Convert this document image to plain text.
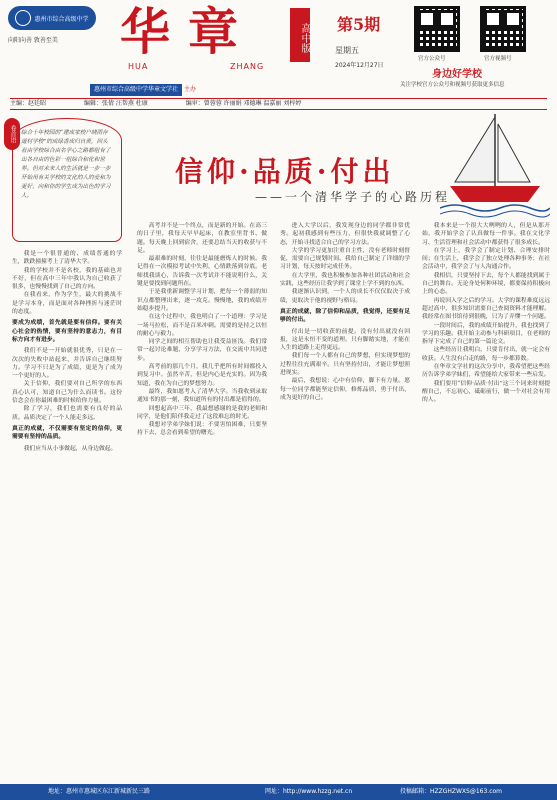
惠州市综合高级中学
向阳向善 敦善至美 华章
HUA	ZHANG
高中版 第5期
星期五
2024年12月27日
官方公众号	官方视频号
身边好学校
关注学校官方公众号和视频号获取更多信息
惠州市综合高级中学华章文学社 主办
主编：赵廷昭	编辑：张倩 汪帮燕 杜康	编审：曾蓉蓉 许丽娟 邓德琳 温嘉丽 刘梓婷
综合十年校园的“建成家校户晓雨存道村学校”的成绿香成归自责，回头看由学校综合由名学心之路都组有了出各自由的色彩一组综合和化和世界。但对未来人的生活就是一步一步开始用有关学校的文化的人的爱和为更好，向和你的学生成为出色的学习人。
卷首语
信仰·品质·付出
——一个清华学子的心路历程

我是一个很普通的、成绩普通的学生，跌跌撞撞考上了清华大学。

我的学校并不是名校，我的基础也并不好，但在高中三年中我认为自己收获了很多，也慢慢找到了自己的方向。

在我看来，作为学生，最大的挑战不是学习本身，而是面对各种挫折与迷茫时的态度。

要成为成绩，首先就是要有信仰。要有关心社会的热情，要有坚持的意志力，有目标方向才有进步。

我们不是一开始就很优秀，只是在一次次的失败中站起来，并告诉自己继续努力。学习不只是为了成绩，更是为了成为一个更好的人。

关于信仰，我们要对自己所学的东西真心认可，知道自己为什么而读书。这份信念会在你最困难的时候给你力量。

除了学习，我们也需要有良好的品质。品质决定了一个人能走多远。

真正的成就，不仅需要有坚定的信仰，更需要有坚持的品质。

我们应当从小事做起，从身边做起。

高考并不是一个终点，而是新的开始。在高三的日子里，我每天早早起床，在教室里背书、做题。每天晚上回到宿舍，还要总结当天的收获与不足。

最艰难的时刻，往往是最能磨炼人的时候。我记得在一次模拟考试中失利，心情跌落到谷底。老师找我谈心，告诉我一次考试并不能说明什么，关键是要找到问题所在。

于是我重新调整学习计划，把每一个薄弱的知识点都整理出来，逐一攻克。慢慢地，我的成绩开始稳步提升。

在这个过程中，我也明白了一个道理：学习是一场马拉松，而不是百米冲刺。需要的是持之以恒的耐心与毅力。

同学之间的相互帮助也让我受益匪浅。我们常常一起讨论难题，分享学习方法，在交流中共同进步。

高考前的那几个月，我几乎把所有时间都投入到复习中。虽然辛苦，但是内心是充实的。因为我知道，我在为自己的梦想努力。

最终，我如愿考入了清华大学。当我收到录取通知书的那一刻，我知道所有的付出都是值得的。

回想起高中三年，我最想感谢的是我的老师和同学，是他们陪伴我走过了这段难忘的时光。

我想对学弟学妹们说：不要害怕困难，只要坚持下去，总会看到希望的曙光。

进入大学以后，我发现身边的同学都非常优秀。起初我感到有些压力，但很快我就调整了心态，开始寻找适合自己的学习方法。

大学的学习更加注重自主性，没有老师时刻督促，需要自己规划时间。我给自己制定了详细的学习计划，每天按时完成任务。

在大学里，我也积极参加各种社团活动和社会实践，这些经历让我学到了课堂上学不到的东西。

我逐渐认识到，一个人的成长不仅仅取决于成绩，更取决于他的视野与格局。

真正的成就，除了信仰和品质，我觉得，还要有足够的付出。

付出是一切收获的前提。没有付出就没有回报，这是永恒不变的道理。只有脚踏实地，才能在人生的道路上走得更远。

我们每一个人都有自己的梦想，但实现梦想的过程往往充满艰辛。只有坚持付出，才能让梦想照进现实。

最后，我想说：心中有信仰，脚下有力量。愿每一位同学都能坚定信仰，修炼品质，勇于付出，成为更好的自己。

我本来是一个很大大咧咧的人，但是从那开始，我开始学会了认真做每一件事。我在文化学习、生活管理和社会活动中都获得了很多成长。

在学习上，我学会了制定计划、合理安排时间；在生活上，我学会了独立处理各种事务；在社会活动中，我学会了与人沟通合作。

我相信，只要坚持下去，每个人都能找到属于自己的舞台。无论身处何种环境，都要保持积极向上的心态。

再说回入学之后的学习。大学的课程难度远远超过高中，很多知识需要自己查阅资料才能理解。我经常在图书馆待到很晚，只为了弄懂一个问题。

一段时间后，我的成绩开始提升，我也找到了学习的乐趣。我开始主动参与科研项目，在老师的指导下完成了自己的第一篇论文。

这些经历让我明白，只要肯付出，就一定会有收获。人生没有白走的路，每一步都算数。

在华章文学社的这次分享中，我希望把这些经历告诉学弟学妹们，希望能给大家带来一些启发。

我们要用“信仰·品质·付出”这三个词来时刻提醒自己，不忘初心，砥砺前行，做一个对社会有用的人。

地址：惠州市惠城区东江新城新民三路	网址：http://www.hzzg.net.cn	投稿邮箱：HZZGHZWXS@163.com
